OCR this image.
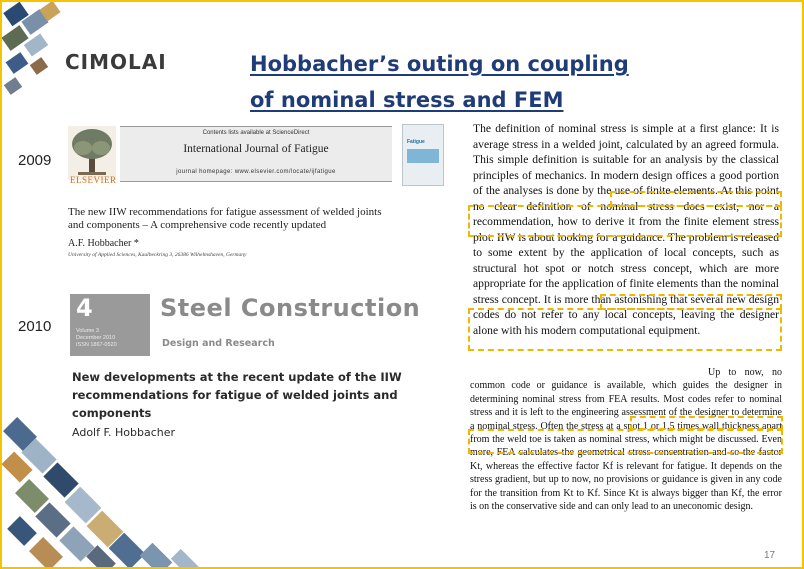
CIMOLAI	Hobbacher’s outing on coupling
of nominal stress and FEM
2009
2010
ELSEVIER
Contents lists available at ScienceDirect
International Journal of Fatigue
journal homepage: www.elsevier.com/locate/ijfatigue
Fatigue
The new IIW recommendations for fatigue assessment of welded joints and components – A comprehensive code recently updated
A.F. Hobbacher *
University of Applied Sciences, Kaulbeckring 3, 26386 Wilhelmshaven, Germany
4
Volume 3
December 2010
ISSN 1867-0520
Steel Construction
Design and Research
New developments at the recent update of the IIW recommendations for fatigue of welded joints and components
Adolf F. Hobbacher
The definition of nominal stress is simple at a first glance: It is average stress in a welded joint, calculated by an agreed formula. This simple definition is suitable for an analysis by the classical principles of mechanics. In modern design offices a good portion of the analyses is done by the use of finite elements. At this point no clear definition of nominal stress does exist, nor a recommendation, how to derive it from the finite element stress plot. IIW is about looking for a guidance. The problem is released to some extent by the application of local concepts, such as structural hot spot or notch stress concept, which are more appropriate for the application of finite elements than the nominal stress concept. It is more than astonishing that several new design codes do not refer to any local concepts, leaving the designer alone with his modern computational equipment.
Up to now, no common code or guidance is available, which guides the designer in determining nominal stress from FEA results. Most codes refer to nominal stress and it is left to the engineering assessment of the designer to determine a nominal stress. Often the stress at a spot 1 or 1.5 times wall thickness apart from the weld toe is taken as nominal stress, which might be discussed. Even more, FEA calculates the geometrical stress concentration and so the factor Kt, whereas the effective factor Kf is relevant for fatigue. It depends on the stress gradient, but up to now, no provisions or guidance is given in any code for the transition from Kt to Kf. Since Kt is always bigger than Kf, the error is on the conservative side and can only lead to an uneconomic design.
17
